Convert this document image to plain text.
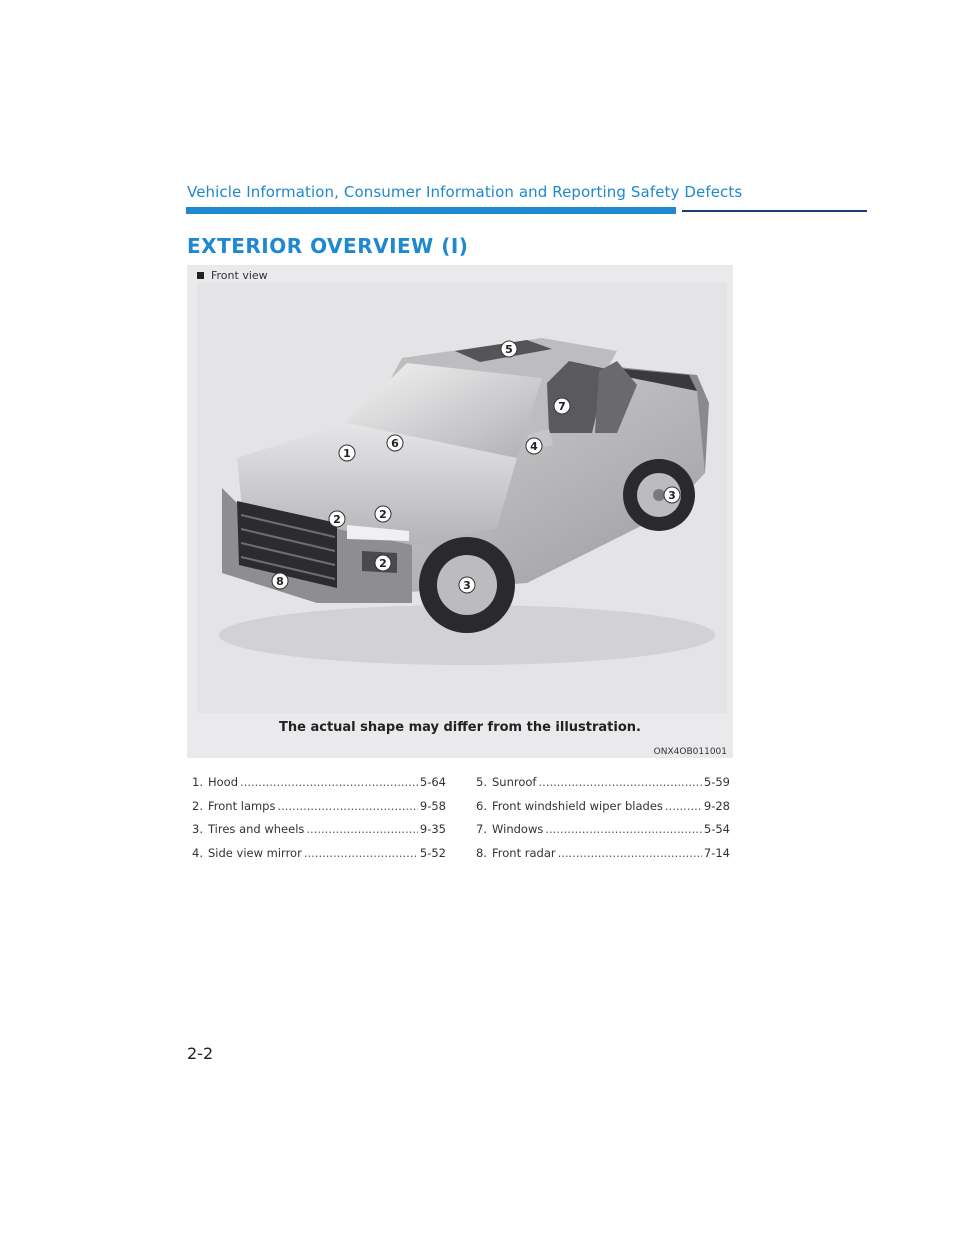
Vehicle Information, Consumer Information and Reporting Safety Defects
EXTERIOR OVERVIEW (I)
Front view
1
2	2
2
3
3
4
5
6
7
8
The actual shape may differ from the illustration.
ONX4OB011001
1. Hood .....	5-64
2. Front lamps .....	9-58
3. Tires and wheels .....	9-35
4. Side view mirror .....	5-52
5. Sunroof .....	5-59
6. Front windshield wiper blades .....	9-28
7. Windows .....	5-54
8. Front radar .....	7-14
2-2
